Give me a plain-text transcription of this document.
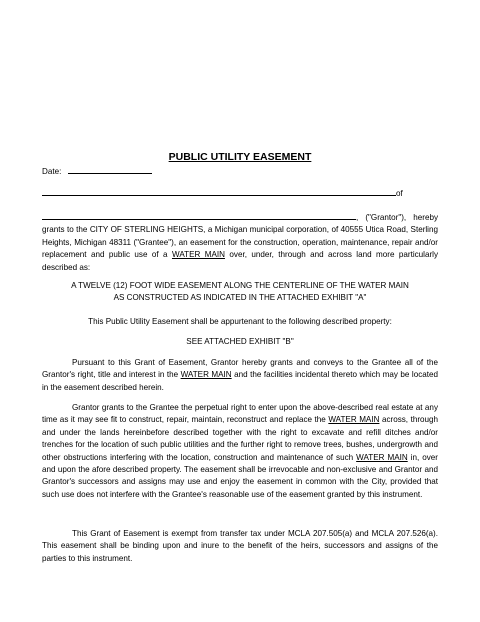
PUBLIC UTILITY EASEMENT
Date:
of
, ("Grantor"), hereby grants to the CITY OF STERLING HEIGHTS, a Michigan municipal corporation, of 40555 Utica Road, Sterling Heights, Michigan 48311 ("Grantee"), an easement for the construction, operation, maintenance, repair and/or replacement and public use of a WATER MAIN over, under, through and across land more particularly described as:
A TWELVE (12) FOOT WIDE EASEMENT ALONG THE CENTERLINE OF THE WATER MAIN AS CONSTRUCTED AS INDICATED IN THE ATTACHED EXHIBIT "A"
This Public Utility Easement shall be appurtenant to the following described property:
SEE ATTACHED EXHIBIT "B"
Pursuant to this Grant of Easement, Grantor hereby grants and conveys to the Grantee all of the Grantor's right, title and interest in the WATER MAIN and the facilities incidental thereto which may be located in the easement described herein.
Grantor grants to the Grantee the perpetual right to enter upon the above-described real estate at any time as it may see fit to construct, repair, maintain, reconstruct and replace the WATER MAIN across, through and under the lands hereinbefore described together with the right to excavate and refill ditches and/or trenches for the location of such public utilities and the further right to remove trees, bushes, undergrowth and other obstructions interfering with the location, construction and maintenance of such WATER MAIN in, over and upon the afore described property. The easement shall be irrevocable and non-exclusive and Grantor and Grantor's successors and assigns may use and enjoy the easement in common with the City, provided that such use does not interfere with the Grantee's reasonable use of the easement granted by this instrument.
This Grant of Easement is exempt from transfer tax under MCLA 207.505(a) and MCLA 207.526(a). This easement shall be binding upon and inure to the benefit of the heirs, successors and assigns of the parties to this instrument.
